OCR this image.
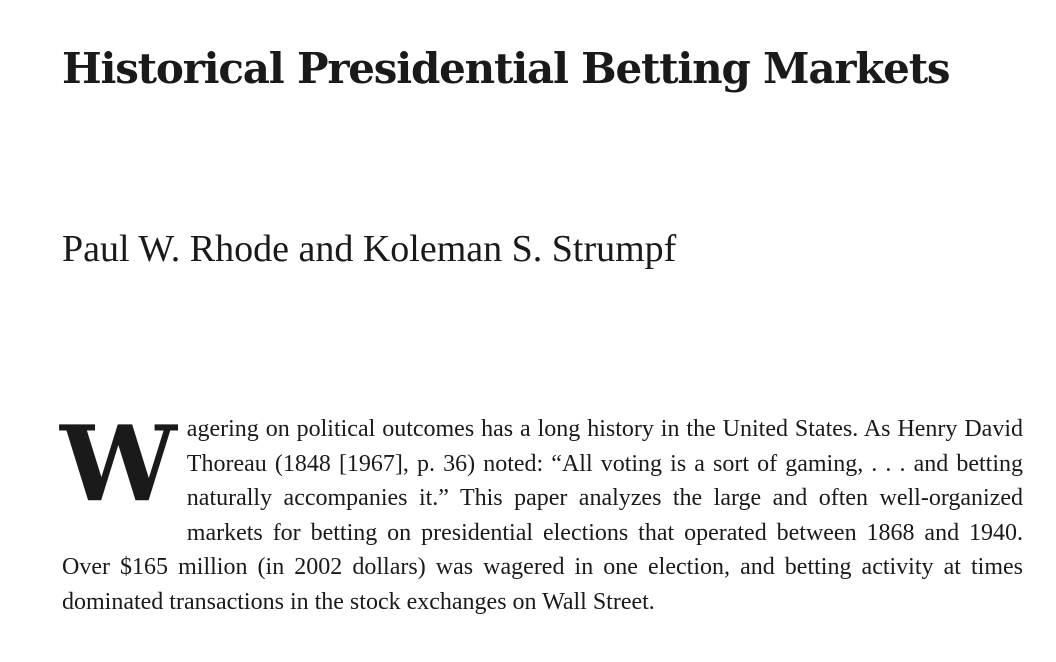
Historical Presidential Betting Markets
Paul W. Rhode and Koleman S. Strumpf

Wagering on political outcomes has a long history in the United States. As Henry David Thoreau (1848 [1967], p. 36) noted: “All voting is a sort of gaming, . . . and betting naturally accompanies it.” This paper analyzes the large and often well-organized markets for betting on presidential elections that operated between 1868 and 1940. Over $165 million (in 2002 dollars) was wagered in one election, and betting activity at times dominated transactions in the stock exchanges on Wall Street.
